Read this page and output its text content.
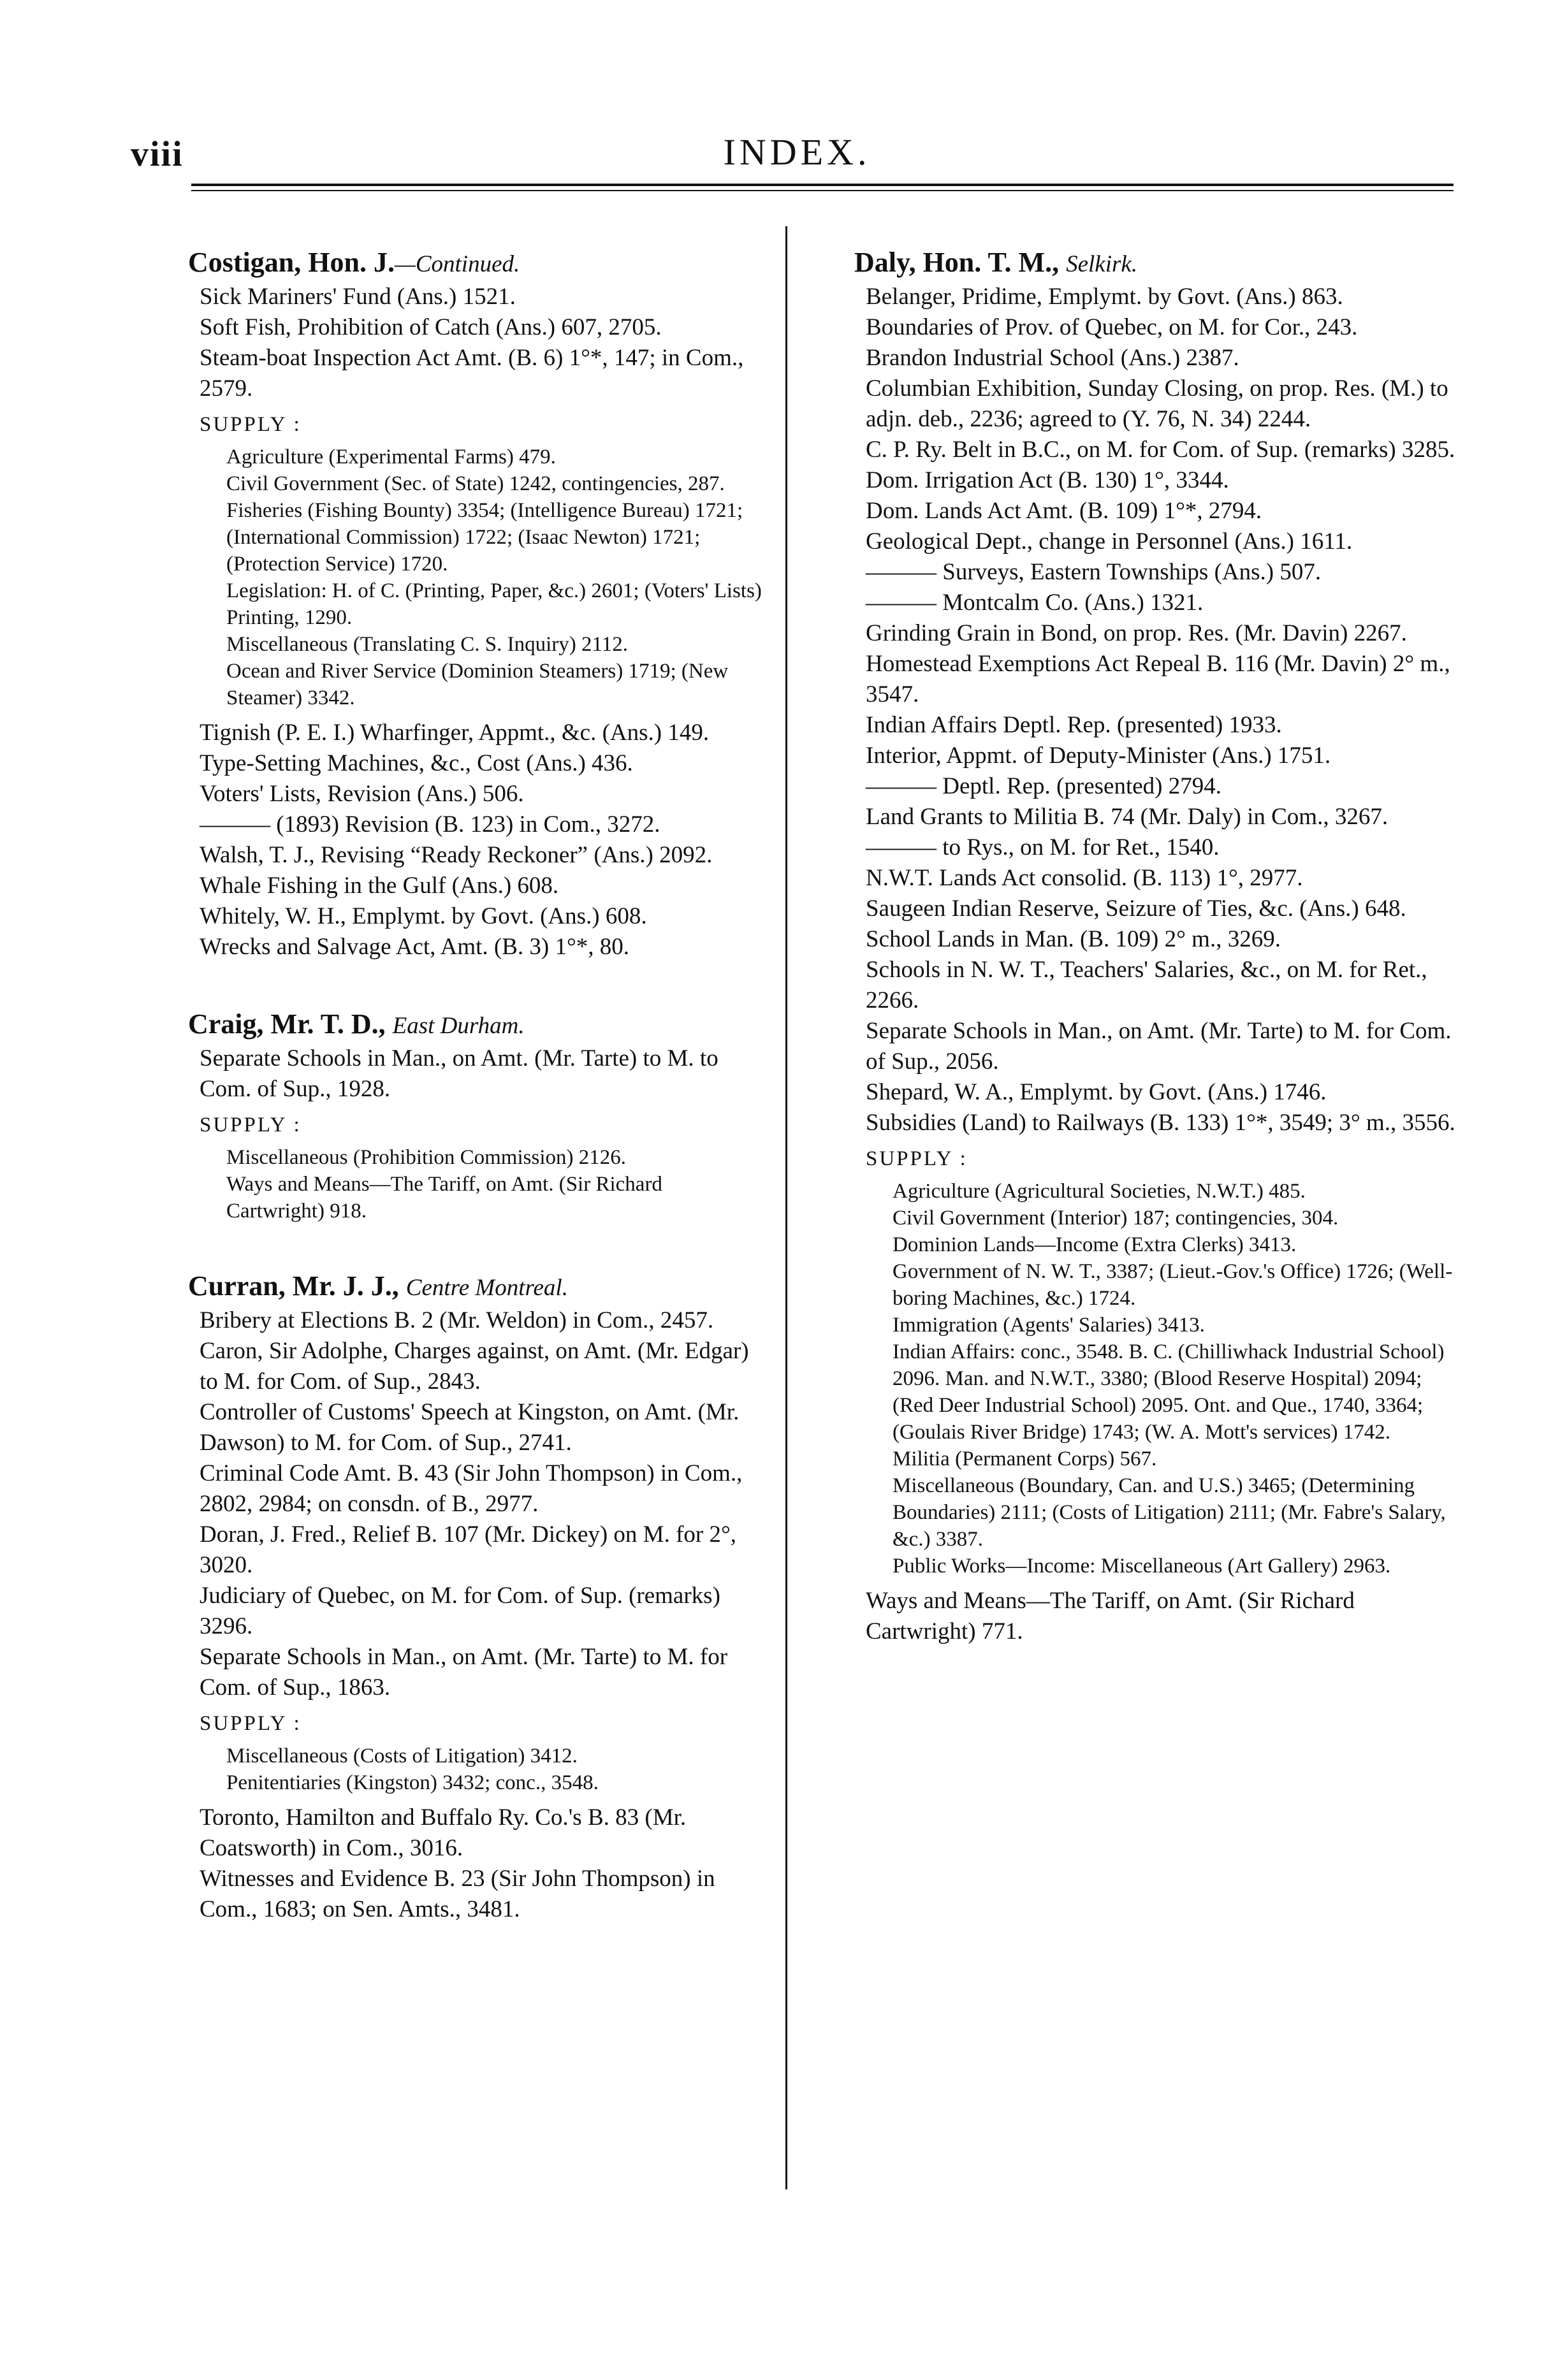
viii	INDEX.

Costigan, Hon. J.—Continued.

Sick Mariners' Fund (Ans.) 1521.

Soft Fish, Prohibition of Catch (Ans.) 607, 2705.

Steam-boat Inspection Act Amt. (B. 6) 1°*, 147; in Com., 2579.

SUPPLY :

Agriculture (Experimental Farms) 479.

Civil Government (Sec. of State) 1242, contingencies, 287.

Fisheries (Fishing Bounty) 3354; (Intelligence Bureau) 1721; (International Commission) 1722; (Isaac Newton) 1721; (Protection Service) 1720.

Legislation: H. of C. (Printing, Paper, &c.) 2601; (Voters' Lists) Printing, 1290.

Miscellaneous (Translating C. S. Inquiry) 2112.

Ocean and River Service (Dominion Steamers) 1719; (New Steamer) 3342.

Tignish (P. E. I.) Wharfinger, Appmt., &c. (Ans.) 149.

Type-Setting Machines, &c., Cost (Ans.) 436.

Voters' Lists, Revision (Ans.) 506.

——— (1893) Revision (B. 123) in Com., 3272.

Walsh, T. J., Revising “Ready Reckoner” (Ans.) 2092.

Whale Fishing in the Gulf (Ans.) 608.

Whitely, W. H., Emplymt. by Govt. (Ans.) 608.

Wrecks and Salvage Act, Amt. (B. 3) 1°*, 80.

Craig, Mr. T. D., East Durham.

Separate Schools in Man., on Amt. (Mr. Tarte) to M. to Com. of Sup., 1928.

SUPPLY :

Miscellaneous (Prohibition Commission) 2126.

Ways and Means—The Tariff, on Amt. (Sir Richard Cartwright) 918.

Curran, Mr. J. J., Centre Montreal.

Bribery at Elections B. 2 (Mr. Weldon) in Com., 2457.

Caron, Sir Adolphe, Charges against, on Amt. (Mr. Edgar) to M. for Com. of Sup., 2843.

Controller of Customs' Speech at Kingston, on Amt. (Mr. Dawson) to M. for Com. of Sup., 2741.

Criminal Code Amt. B. 43 (Sir John Thompson) in Com., 2802, 2984; on consdn. of B., 2977.

Doran, J. Fred., Relief B. 107 (Mr. Dickey) on M. for 2°, 3020.

Judiciary of Quebec, on M. for Com. of Sup. (remarks) 3296.

Separate Schools in Man., on Amt. (Mr. Tarte) to M. for Com. of Sup., 1863.

SUPPLY :

Miscellaneous (Costs of Litigation) 3412.

Penitentiaries (Kingston) 3432; conc., 3548.

Toronto, Hamilton and Buffalo Ry. Co.'s B. 83 (Mr. Coatsworth) in Com., 3016.

Witnesses and Evidence B. 23 (Sir John Thompson) in Com., 1683; on Sen. Amts., 3481.

Daly, Hon. T. M., Selkirk.

Belanger, Pridime, Emplymt. by Govt. (Ans.) 863.

Boundaries of Prov. of Quebec, on M. for Cor., 243.

Brandon Industrial School (Ans.) 2387.

Columbian Exhibition, Sunday Closing, on prop. Res. (M.) to adjn. deb., 2236; agreed to (Y. 76, N. 34) 2244.

C. P. Ry. Belt in B.C., on M. for Com. of Sup. (remarks) 3285.

Dom. Irrigation Act (B. 130) 1°, 3344.

Dom. Lands Act Amt. (B. 109) 1°*, 2794.

Geological Dept., change in Personnel (Ans.) 1611.

——— Surveys, Eastern Townships (Ans.) 507.

——— Montcalm Co. (Ans.) 1321.

Grinding Grain in Bond, on prop. Res. (Mr. Davin) 2267.

Homestead Exemptions Act Repeal B. 116 (Mr. Davin) 2° m., 3547.

Indian Affairs Deptl. Rep. (presented) 1933.

Interior, Appmt. of Deputy-Minister (Ans.) 1751.

——— Deptl. Rep. (presented) 2794.

Land Grants to Militia B. 74 (Mr. Daly) in Com., 3267.

——— to Rys., on M. for Ret., 1540.

N.W.T. Lands Act consolid. (B. 113) 1°, 2977.

Saugeen Indian Reserve, Seizure of Ties, &c. (Ans.) 648.

School Lands in Man. (B. 109) 2° m., 3269.

Schools in N. W. T., Teachers' Salaries, &c., on M. for Ret., 2266.

Separate Schools in Man., on Amt. (Mr. Tarte) to M. for Com. of Sup., 2056.

Shepard, W. A., Emplymt. by Govt. (Ans.) 1746.

Subsidies (Land) to Railways (B. 133) 1°*, 3549; 3° m., 3556.

SUPPLY :

Agriculture (Agricultural Societies, N.W.T.) 485.

Civil Government (Interior) 187; contingencies, 304.

Dominion Lands—Income (Extra Clerks) 3413.

Government of N. W. T., 3387; (Lieut.-Gov.'s Office) 1726; (Well-boring Machines, &c.) 1724.

Immigration (Agents' Salaries) 3413.

Indian Affairs: conc., 3548. B. C. (Chilliwhack Industrial School) 2096. Man. and N.W.T., 3380; (Blood Reserve Hospital) 2094; (Red Deer Industrial School) 2095. Ont. and Que., 1740, 3364; (Goulais River Bridge) 1743; (W. A. Mott's services) 1742.

Militia (Permanent Corps) 567.

Miscellaneous (Boundary, Can. and U.S.) 3465; (Determining Boundaries) 2111; (Costs of Litigation) 2111; (Mr. Fabre's Salary, &c.) 3387.

Public Works—Income: Miscellaneous (Art Gallery) 2963.

Ways and Means—The Tariff, on Amt. (Sir Richard Cartwright) 771.
